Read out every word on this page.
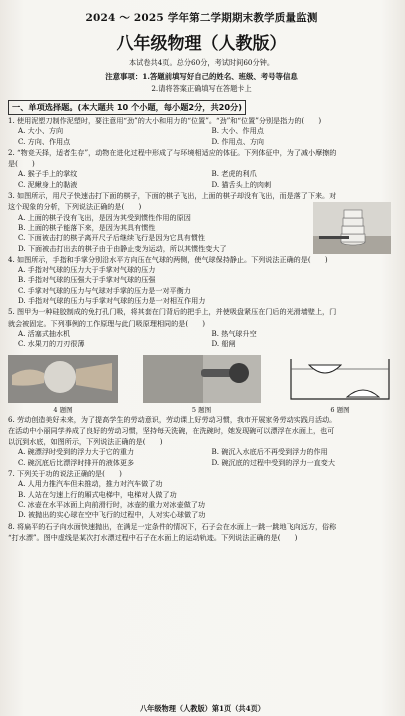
2024 ～ 2025 学年第二学期期末教学质量监测
八年级物理（人教版）
本试卷共4页。总分60分，考试时间60分钟。
注意事项：1.答题前填写好自己的姓名、班级、考号等信息
2.请将答案正确填写在答题卡上
一、单项选择题。(本大题共 10 个小题，每小题2分，共20分)
1. 使用泥塑刀制作泥塑时，要注意用“劲”的大小和用力的“位置”。“劲”和“位置”分别是指力的(　　)
A. 大小、方向	B. 大小、作用点
C. 方向、作用点	D. 作用点、方向
2. “物竞天择，适者生存”，动物在进化过程中形成了与环境相适应的体征。下列体征中，为了减小摩擦的
是(　　)
A. 猴子手上的掌纹	B. 老虎的利爪
C. 泥鳅身上的黏液	D. 猫舌头上的肉刺
3. 如图所示，用尺子快速击打下面的棋子，下面的棋子飞出，上面的棋子却没有飞出，而是落了下来。对
这个现象的分析，下列说法正确的是(　　)
A. 上面的棋子没有飞出，是因为其受到惯性作用的原因
B. 上面的棋子能落下来，是因为其具有惯性
C. 下面被击打的棋子离开尺子后继续飞行是因为它具有惯性
D. 下面被击打出去的棋子由于由静止变为运动，所以其惯性变大了
4. 如图所示，手指和手掌分别沿水平方向压在气球的两侧，使气球保持静止。下列说法正确的是(　　)
A. 手指对气球的压力大于手掌对气球的压力
B. 手指对气球的压强大于手掌对气球的压强
C. 手掌对气球的压力与气球对手掌的压力是一对平衡力
D. 手指对气球的压力与手掌对气球的压力是一对相互作用力
5. 图甲为一种硅胶制成的免打孔门吸，将其套在门背后的把手上，并使吸盘紧压在门后的光滑墙壁上，门
就会被固定。下列事例的工作原理与此门吸原理相同的是(　　)
A. 活塞式抽水机	B. 热气球升空
C. 水果刀的刀刃很薄	D. 船闸
4 题图	5 题图	6 题图
6. 劳动创造美好未来，为了提高学生的劳动意识，劳动课上好劳动习惯，我市开展家务劳动实践月活动。
在活动中小丽同学养成了良好的劳动习惯，坚持每天洗碗，在洗碗时，她发现碗可以漂浮在水面上，也可
以沉到水底，如图所示，下列说法正确的是(　　)
A. 碗漂浮时受到的浮力大于它的重力	B. 碗沉入水底后不再受到浮力的作用
C. 碗沉底后比漂浮时排开的液体更多	D. 碗沉底的过程中受到的浮力一直变大
7. 下列关于功的说法正确的是(　　)
A. 人用力推汽车但未推动，推力对汽车做了功
B. 人站在匀速上行的厢式电梯中，电梯对人做了功
C. 冰壶在水平冰面上向前滑行时，冰壶的重力对冰壶做了功
D. 被抛出的实心球在空中飞行的过程中，人对实心球做了功
8. 将扁平的石子向水面快速抛出，在满足一定条件的情况下，石子会在水面上一跳一跳地飞向远方，俗称
“打水漂”。图中虚线是某次打水漂过程中石子在水面上的运动轨迹。下列说法正确的是(　　)
八年级物理（人教版）第1页（共4页）
